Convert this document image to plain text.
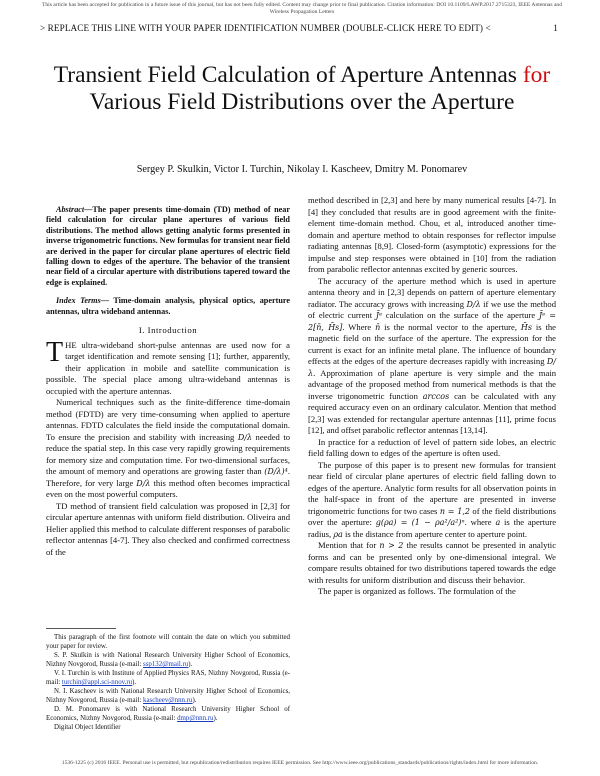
This article has been accepted for publication in a future issue of this journal, but has not been fully edited. Content may change prior to final publication. Citation information: DOI 10.1109/LAWP.2017.2715323, IEEE Antennas and Wireless Propagation Letters
> REPLACE THIS LINE WITH YOUR PAPER IDENTIFICATION NUMBER (DOUBLE-CLICK HERE TO EDIT) <	1
Transient Field Calculation of Aperture Antennas for Various Field Distributions over the Aperture
Sergey P. Skulkin, Victor I. Turchin, Nikolay I. Kascheev, Dmitry M. Ponomarev

Abstract—The paper presents time-domain (TD) method of near field calculation for circular plane apertures of various field distributions. The method allows getting analytic forms presented in inverse trigonometric functions. New formulas for transient near field are derived in the paper for circular plane apertures of electric field falling down to edges of the aperture. The behavior of the transient near field of a circular aperture with distributions tapered toward the edge is explained.

Index Terms— Time-domain analysis, physical optics, aperture antennas, ultra wideband antennas.

I. Introduction

THE ultra-wideband short-pulse antennas are used now for a target identification and remote sensing [1]; further, apparently, their application in mobile and satellite communication is possible. The special place among ultra-wideband antennas is occupied with the aperture antennas.

Numerical techniques such as the finite-difference time-domain method (FDTD) are very time-consuming when applied to aperture antennas. FDTD calculates the field inside the computational domain. To ensure the precision and stability with increasing D/λ needed to reduce the spatial step. In this case very rapidly growing requirements for memory size and computation time. For two-dimensional surfaces, the amount of memory and operations are growing faster than (D/λ)⁴. Therefore, for very large D/λ this method often becomes impractical even on the most powerful computers.

TD method of transient field calculation was proposed in [2,3] for circular aperture antennas with uniform field distribution. Oliveira and Helier applied this method to calculate different responses of parabolic reflector antennas [4-7]. They also checked and confirmed correctness of the

This paragraph of the first footnote will contain the date on which you submitted your paper for review.

S. P. Skulkin is with National Research University Higher School of Economics, Nizhny Novgorod, Russia (e-mail: ssp132@mail.ru).

V. I. Turchin is with Institute of Applied Physics RAS, Nizhny Novgorod, Russia (e-mail: turchin@appl.sci-nnov.ru).

N. I. Kascheev is with National Research University Higher School of Economics, Nizhny Novgorod, Russia (e-mail: kascheev@nnn.ru).

D. M. Ponomarev is with National Research University Higher School of Economics, Nizhny Novgorod, Russia (e-mail: dmp@nnn.ru).

Digital Object Identifier

method described in [2,3] and here by many numerical results [4-7]. In [4] they concluded that results are in good agreement with the finite-element time-domain method. Chou, et al, introduced another time-domain and aperture method to obtain responses for reflector impulse radiating antennas [8,9]. Closed-form (asymptotic) expressions for the impulse and step responses were obtained in [10] from the radiation from parabolic reflector antennas excited by generic sources.

The accuracy of the aperture method which is used in aperture antenna theory and in [2,3] depends on pattern of aperture elementary radiator. The accuracy grows with increasing D/λ if we use the method of electric current J̄ᵉ calculation on the surface of the aperture J̄ᵉ = 2[n̄, H̄s]. Where n̄ is the normal vector to the aperture, H̄s is the magnetic field on the surface of the aperture. The expression for the current is exact for an infinite metal plane. The influence of boundary effects at the edges of the aperture decreases rapidly with increasing D/λ. Approximation of plane aperture is very simple and the main advantage of the proposed method from numerical methods is that the inverse trigonometric function arccos can be calculated with any required accuracy even on an ordinary calculator. Mention that method [2,3] was extended for rectangular aperture antennas [11], prime focus [12], and offset parabolic reflector antennas [13,14].

In practice for a reduction of level of pattern side lobes, an electric field falling down to edges of the aperture is often used.

The purpose of this paper is to present new formulas for transient near field of circular plane apertures of electric field falling down to edges of the aperture. Analytic form results for all observation points in the half-space in front of the aperture are presented in inverse trigonometric functions for two cases n = 1,2 of the field distributions over the aperture: g(ρa) = (1 − ρa²/a²)ⁿ. where a is the aperture radius, ρa is the distance from aperture center to aperture point.

Mention that for n > 2 the results cannot be presented in analytic forms and can be presented only by one-dimensional integral. We compare results obtained for two distributions tapered towards the edge with results for uniform distribution and discuss their behavior.

The paper is organized as follows. The formulation of the

1536-1225 (c) 2016 IEEE. Personal use is permitted, but republication/redistribution requires IEEE permission. See http://www.ieee.org/publications_standards/publications/rights/index.html for more information.
